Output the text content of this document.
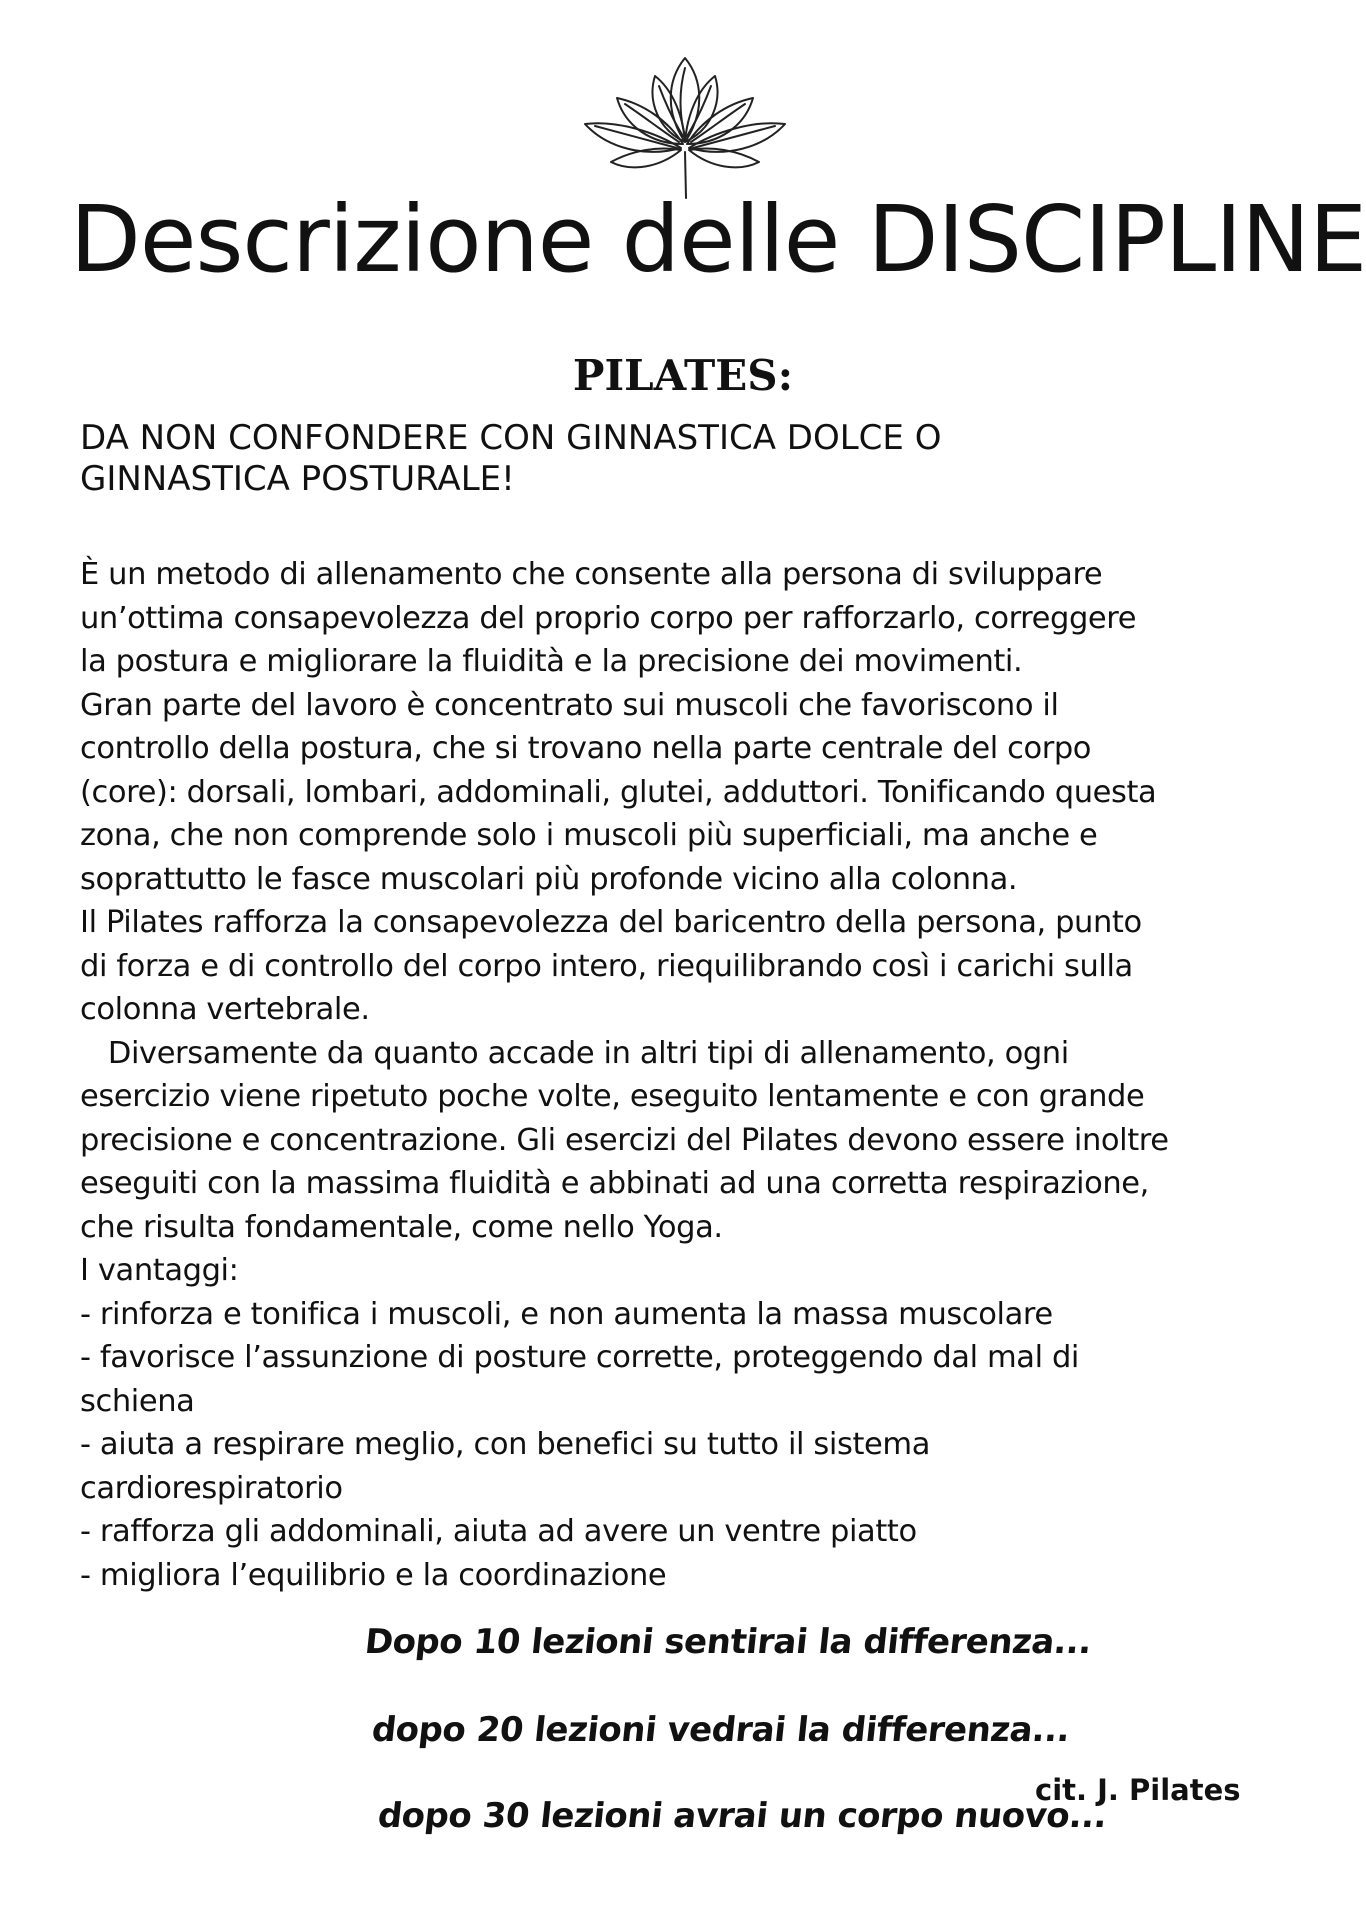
Descrizione delle DISCIPLINE
PILATES:

DA NON CONFONDERE CON GINNASTICA DOLCE O
GINNASTICA POSTURALE!

È un metodo di allenamento che consente alla persona di sviluppare
un’ottima consapevolezza del proprio corpo per rafforzarlo, correggere
la postura e migliorare la fluidità e la precisione dei movimenti.
Gran parte del lavoro è concentrato sui muscoli che favoriscono il
controllo della postura, che si trovano nella parte centrale del corpo
(core): dorsali, lombari, addominali, glutei, adduttori. Tonificando questa
zona, che non comprende solo i muscoli più superficiali, ma anche e
soprattutto le fasce muscolari più profonde vicino alla colonna.
Il Pilates rafforza la consapevolezza del baricentro della persona, punto
di forza e di controllo del corpo intero, riequilibrando così i carichi sulla
colonna vertebrale.
Diversamente da quanto accade in altri tipi di allenamento, ogni
esercizio viene ripetuto poche volte, eseguito lentamente e con grande
precisione e concentrazione. Gli esercizi del Pilates devono essere inoltre
eseguiti con la massima fluidità e abbinati ad una corretta respirazione,
che risulta fondamentale, come nello Yoga.
I vantaggi:
- rinforza e tonifica i muscoli, e non aumenta la massa muscolare
- favorisce l’assunzione di posture corrette, proteggendo dal mal di
schiena
- aiuta a respirare meglio, con benefici su tutto il sistema
cardiorespiratorio
- rafforza gli addominali, aiuta ad avere un ventre piatto
- migliora l’equilibrio e la coordinazione
Dopo 10 lezioni sentirai la differenza...
dopo 20 lezioni vedrai la differenza...
dopo 30 lezioni avrai un corpo nuovo...
cit. J. Pilates
